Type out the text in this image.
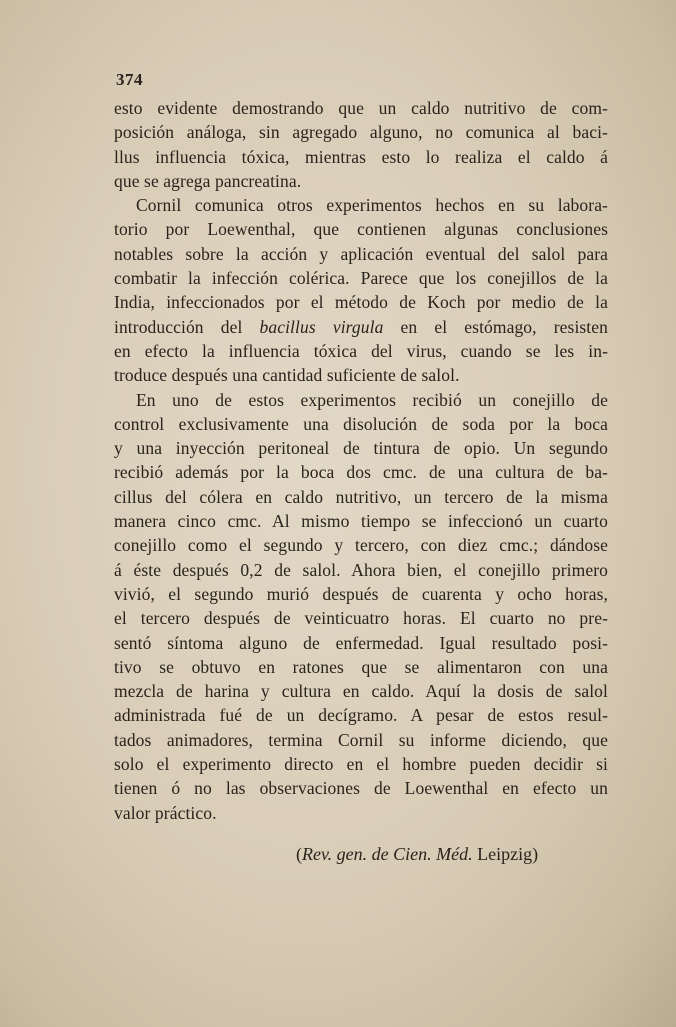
374
esto evidente demostrando que un caldo nutritivo de com-
posición análoga, sin agregado alguno, no comunica al baci-
llus influencia tóxica, mientras esto lo realiza el caldo á
que se agrega pancreatina.
Cornil comunica otros experimentos hechos en su labora-
torio por Loewenthal, que contienen algunas conclusiones
notables sobre la acción y aplicación eventual del salol para
combatir la infección colérica. Parece que los conejillos de la
India, infeccionados por el método de Koch por medio de la
introducción del bacillus virgula en el estómago, resisten
en efecto la influencia tóxica del virus, cuando se les in-
troduce después una cantidad suficiente de salol.
En uno de estos experimentos recibió un conejillo de
control exclusivamente una disolución de soda por la boca
y una inyección peritoneal de tintura de opio. Un segundo
recibió además por la boca dos cmc. de una cultura de ba-
cillus del cólera en caldo nutritivo, un tercero de la misma
manera cinco cmc. Al mismo tiempo se infeccionó un cuarto
conejillo como el segundo y tercero, con diez cmc.; dándose
á éste después 0,2 de salol. Ahora bien, el conejillo primero
vivió, el segundo murió después de cuarenta y ocho horas,
el tercero después de veinticuatro horas. El cuarto no pre-
sentó síntoma alguno de enfermedad. Igual resultado posi-
tivo se obtuvo en ratones que se alimentaron con una
mezcla de harina y cultura en caldo. Aquí la dosis de salol
administrada fué de un decígramo. A pesar de estos resul-
tados animadores, termina Cornil su informe diciendo, que
solo el experimento directo en el hombre pueden decidir si
tienen ó no las observaciones de Loewenthal en efecto un
valor práctico.
(Rev. gen. de Cien. Méd. Leipzig)
